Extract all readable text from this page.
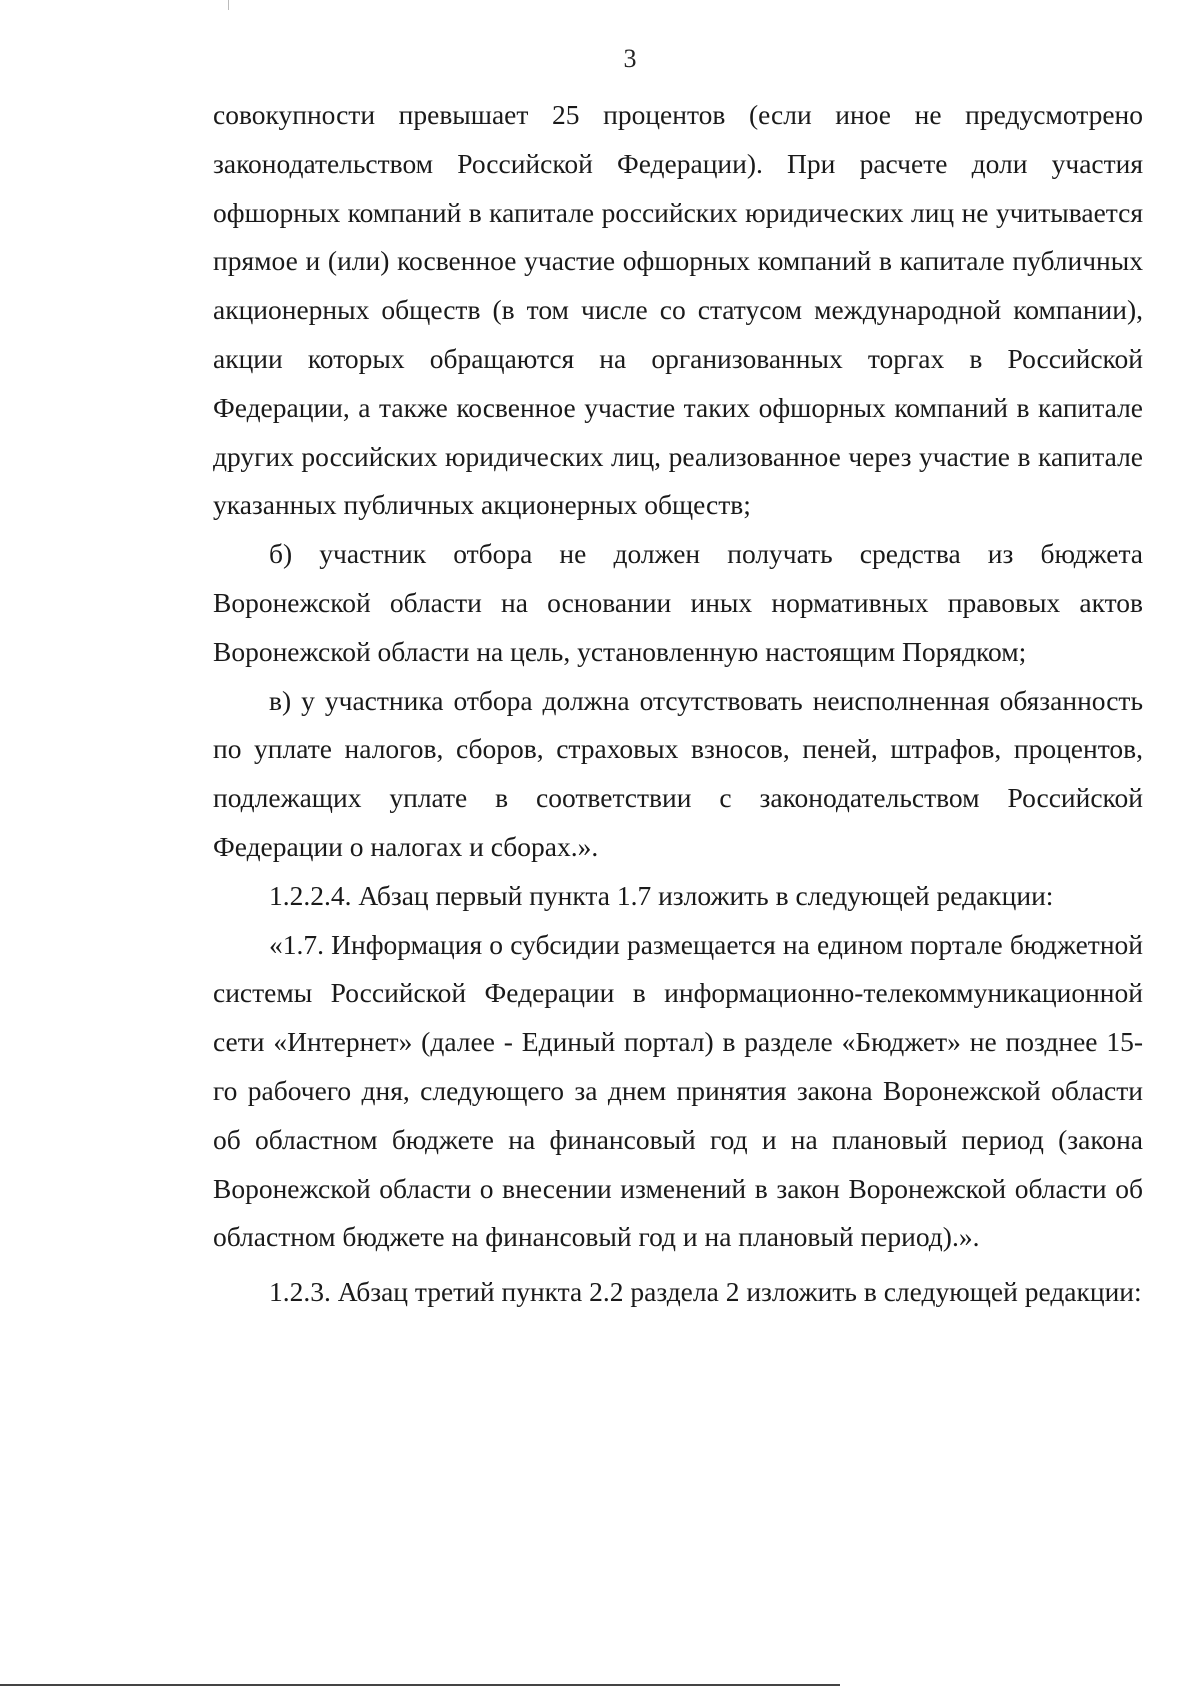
3

совокупности превышает 25 процентов (если иное не предусмотрено законодательством Российской Федерации). При расчете доли участия офшорных компаний в капитале российских юридических лиц не учитывается прямое и (или) косвенное участие офшорных компаний в капитале публичных акционерных обществ (в том числе со статусом международной компании), акции которых обращаются на организованных торгах в Российской Федерации, а также косвенное участие таких офшорных компаний в капитале других российских юридических лиц, реализованное через участие в капитале указанных публичных акционерных обществ;

б) участник отбора не должен получать средства из бюджета Воронежской области на основании иных нормативных правовых актов Воронежской области на цель, установленную настоящим Порядком;

в) у участника отбора должна отсутствовать неисполненная обязанность по уплате налогов, сборов, страховых взносов, пеней, штрафов, процентов, подлежащих уплате в соответствии с законодательством Российской Федерации о налогах и сборах.».

1.2.2.4. Абзац первый пункта 1.7 изложить в следующей редакции:

«1.7. Информация о субсидии размещается на едином портале бюджетной системы Российской Федерации в информационно-телекоммуникационной сети «Интернет» (далее - Единый портал) в разделе «Бюджет» не позднее 15-го рабочего дня, следующего за днем принятия закона Воронежской области об областном бюджете на финансовый год и на плановый период (закона Воронежской области о внесении изменений в закон Воронежской области об областном бюджете на финансовый год и на плановый период).».

1.2.3. Абзац третий пункта 2.2 раздела 2 изложить в следующей редакции:
